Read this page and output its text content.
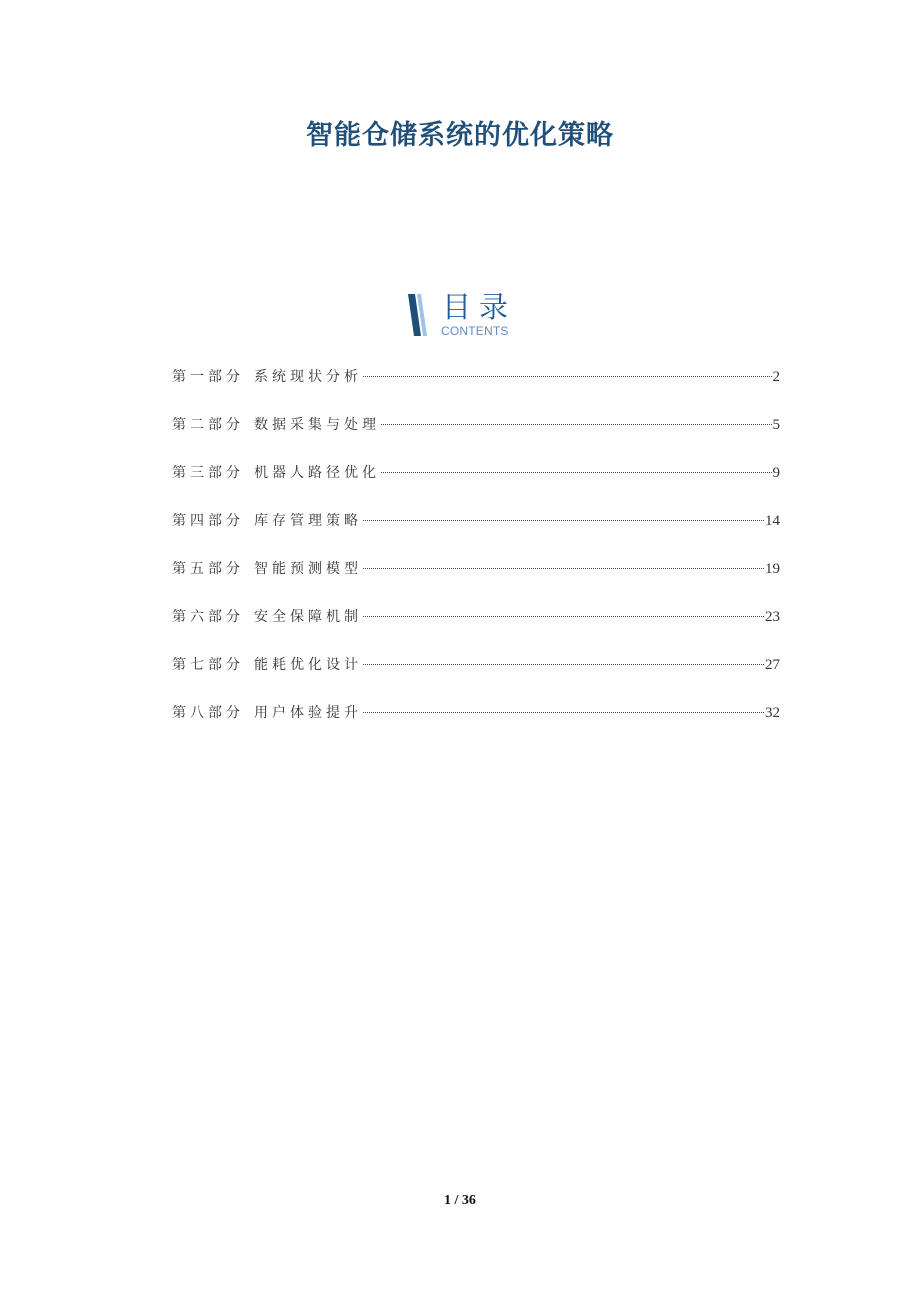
智能仓储系统的优化策略
目录
CONTENTS
第一部分 系统现状分析	2
第二部分 数据采集与处理	5
第三部分 机器人路径优化	9
第四部分 库存管理策略	14
第五部分 智能预测模型	19
第六部分 安全保障机制	23
第七部分 能耗优化设计	27
第八部分 用户体验提升	32
1 / 36
